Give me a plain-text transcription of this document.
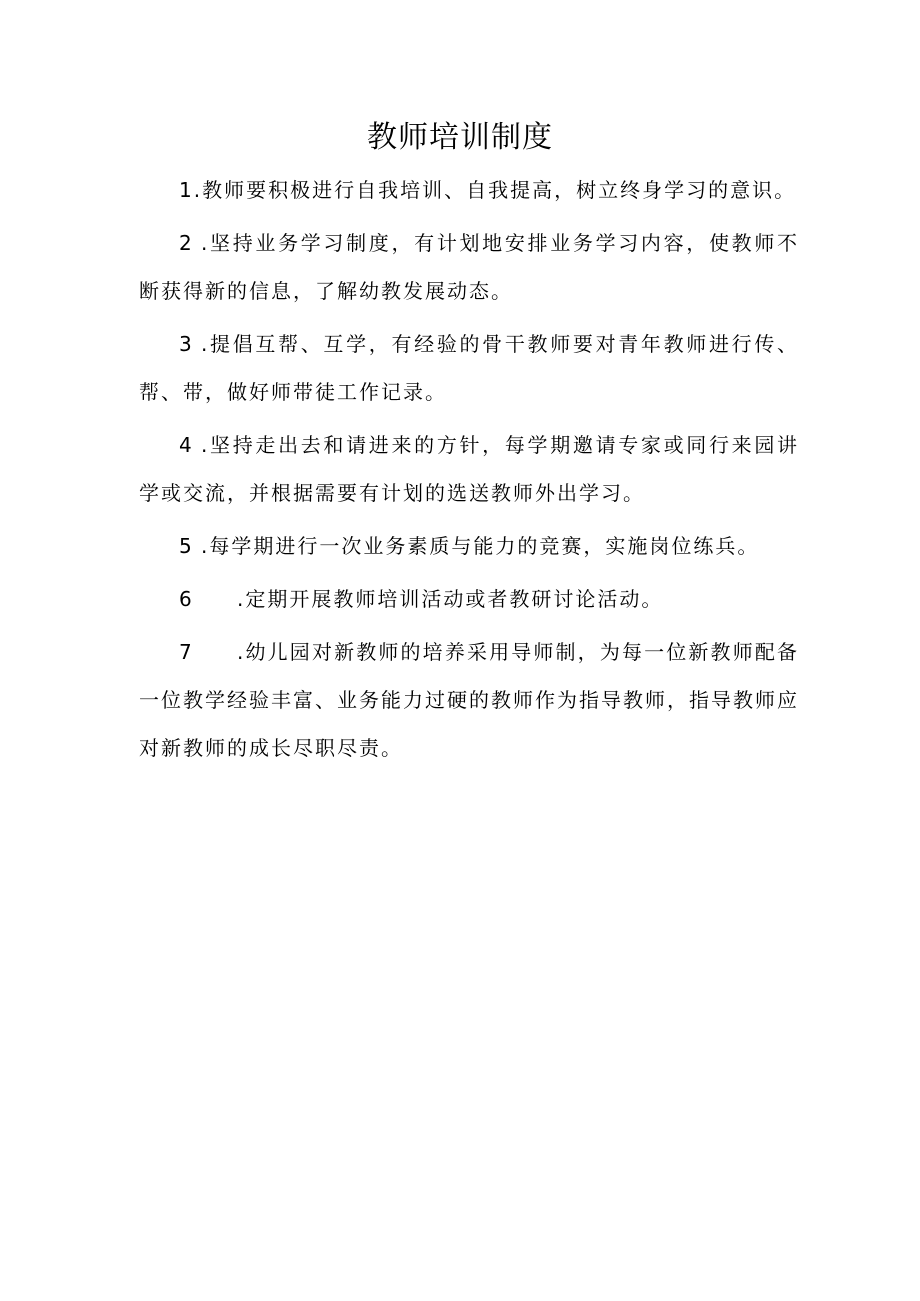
教师培训制度

1.教师要积极进行自我培训、自我提高，树立终身学习的意识。

2 .坚持业务学习制度，有计划地安排业务学习内容，使教师不断获得新的信息，了解幼教发展动态。

3 .提倡互帮、互学，有经验的骨干教师要对青年教师进行传、帮、带，做好师带徒工作记录。

4 .坚持走出去和请进来的方针，每学期邀请专家或同行来园讲学或交流，并根据需要有计划的选送教师外出学习。

5 .每学期进行一次业务素质与能力的竞赛，实施岗位练兵。

6 .定期开展教师培训活动或者教研讨论活动。

7 .幼儿园对新教师的培养采用导师制，为每一位新教师配备一位教学经验丰富、业务能力过硬的教师作为指导教师，指导教师应对新教师的成长尽职尽责。
